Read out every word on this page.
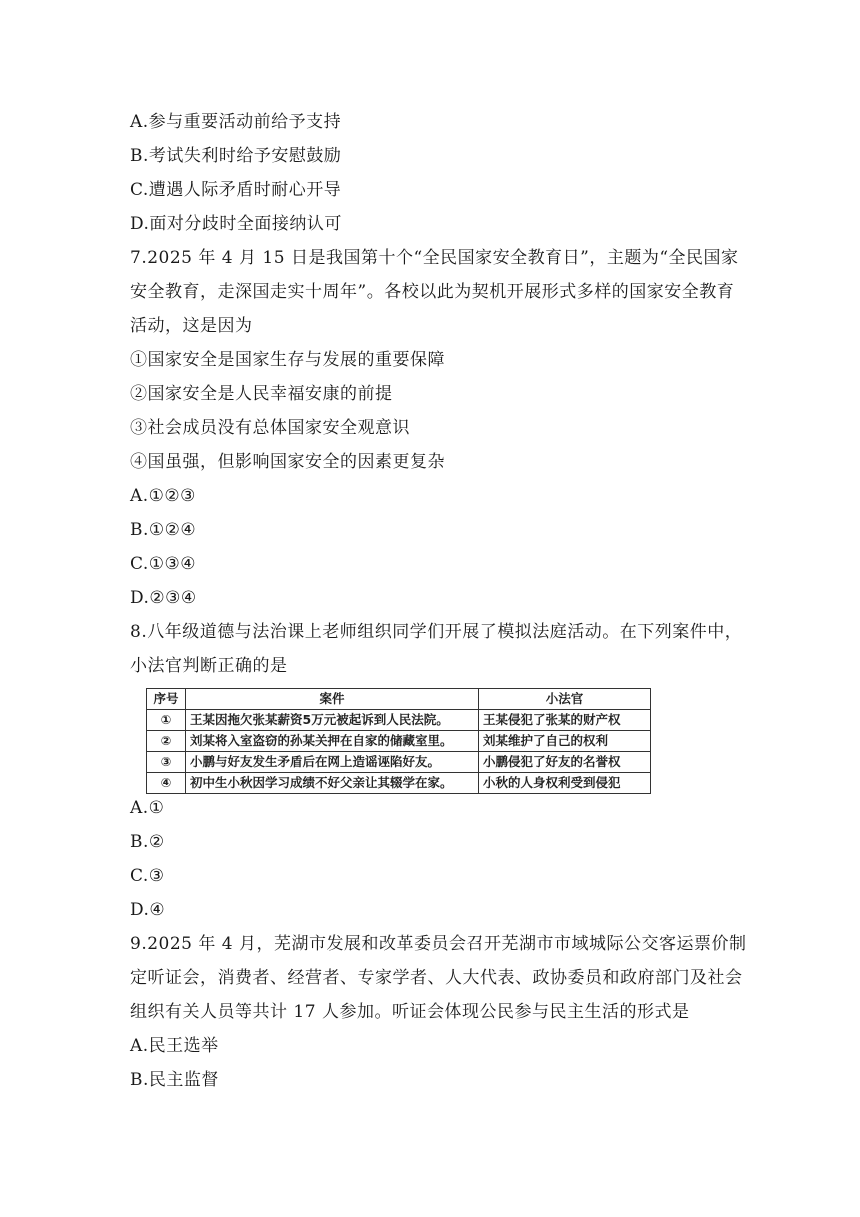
A.参与重要活动前给予支持
B.考试失利时给予安慰鼓励
C.遭遇人际矛盾时耐心开导
D.面对分歧时全面接纳认可
7.2025 年 4 月 15 日是我国第十个“全民国家安全教育日”，主题为“全民国家
安全教育，走深国走实十周年”。各校以此为契机开展形式多样的国家安全教育
活动，这是因为
①国家安全是国家生存与发展的重要保障
②国家安全是人民幸福安康的前提
③社会成员没有总体国家安全观意识
④国虽强，但影响国家安全的因素更复杂
A.①②③
B.①②④
C.①③④
D.②③④
8.八年级道德与法治课上老师组织同学们开展了模拟法庭活动。在下列案件中，
小法官判断正确的是
序号	案件	小法官
①	王某因拖欠张某薪资5万元被起诉到人民法院。	王某侵犯了张某的财产权
②	刘某将入室盗窃的孙某关押在自家的储藏室里。	刘某维护了自己的权利
③	小鹏与好友发生矛盾后在网上造谣诬陷好友。	小鹏侵犯了好友的名誉权
④	初中生小秋因学习成绩不好父亲让其辍学在家。	小秋的人身权利受到侵犯
A.①
B.②
C.③
D.④
9.2025 年 4 月，芜湖市发展和改革委员会召开芜湖市市域城际公交客运票价制
定听证会，消费者、经营者、专家学者、人大代表、政协委员和政府部门及社会
组织有关人员等共计 17 人参加。听证会体现公民参与民主生活的形式是
A.民王选举
B.民主监督
